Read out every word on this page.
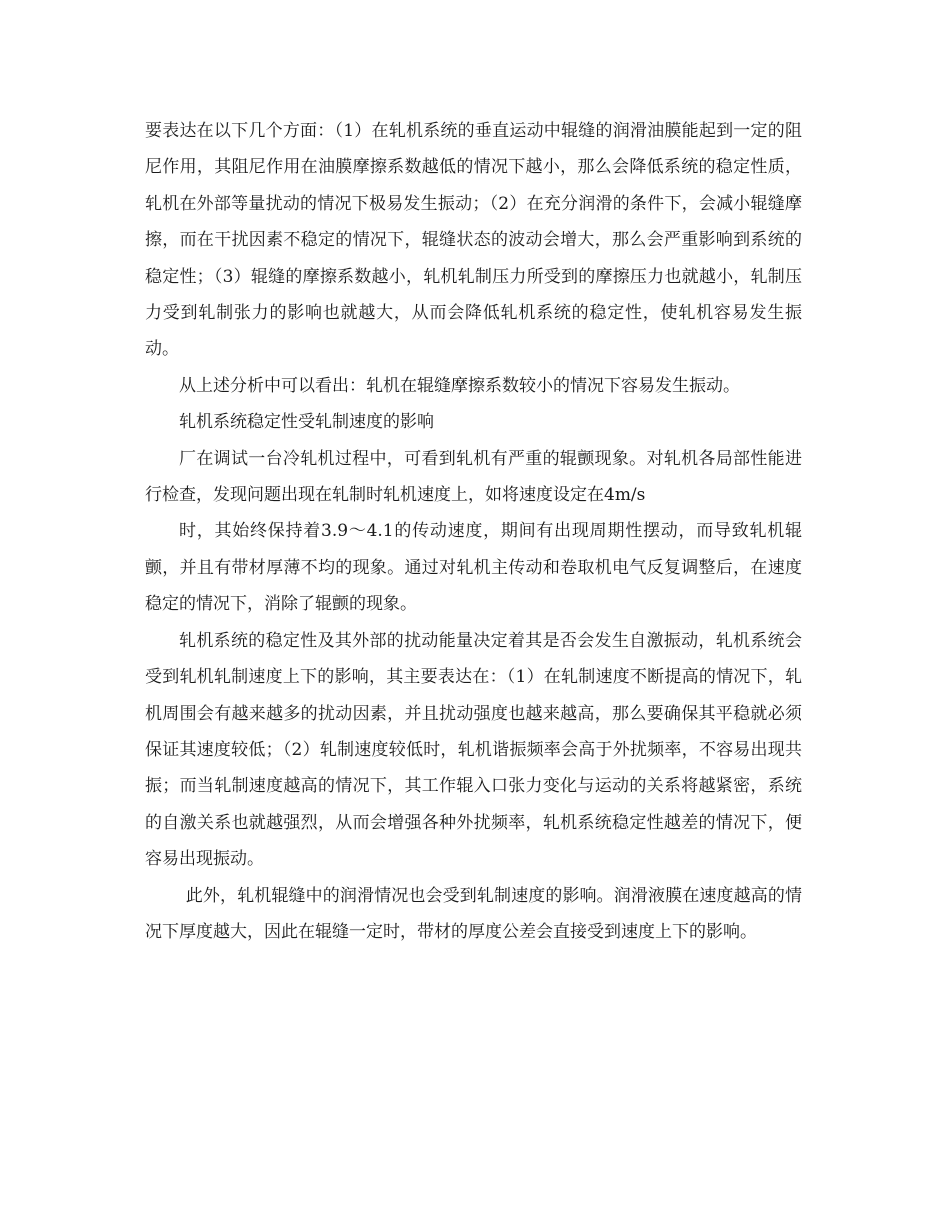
要表达在以下几个方面：（1）在轧机系统的垂直运动中辊缝的润滑油膜能起到一定的阻尼作用，其阻尼作用在油膜摩擦系数越低的情况下越小，那么会降低系统的稳定性质，轧机在外部等量扰动的情况下极易发生振动；（2）在充分润滑的条件下，会减小辊缝摩擦，而在干扰因素不稳定的情况下，辊缝状态的波动会增大，那么会严重影响到系统的稳定性；（3）辊缝的摩擦系数越小，轧机轧制压力所受到的摩擦压力也就越小，轧制压力受到轧制张力的影响也就越大，从而会降低轧机系统的稳定性，使轧机容易发生振动。

从上述分析中可以看出：轧机在辊缝摩擦系数较小的情况下容易发生振动。

轧机系统稳定性受轧制速度的影响

厂在调试一台冷轧机过程中，可看到轧机有严重的辊颤现象。对轧机各局部性能进行检查，发现问题出现在轧制时轧机速度上，如将速度设定在4m/s
时，其始终保持着3.9～4.1的传动速度，期间有出现周期性摆动，而导致轧机辊颤，并且有带材厚薄不均的现象。通过对轧机主传动和卷取机电气反复调整后，在速度稳定的情况下，消除了辊颤的现象。

轧机系统的稳定性及其外部的扰动能量决定着其是否会发生自激振动，轧机系统会受到轧机轧制速度上下的影响，其主要表达在：（1）在轧制速度不断提高的情况下，轧机周围会有越来越多的扰动因素，并且扰动强度也越来越高，那么要确保其平稳就必须保证其速度较低；（2）轧制速度较低时，轧机谐振频率会高于外扰频率，不容易出现共振；而当轧制速度越高的情况下，其工作辊入口张力变化与运动的关系将越紧密，系统的自激关系也就越强烈，从而会增强各种外扰频率，轧机系统稳定性越差的情况下，便容易出现振动。

此外，轧机辊缝中的润滑情况也会受到轧制速度的影响。润滑液膜在速度越高的情况下厚度越大，因此在辊缝一定时，带材的厚度公差会直接受到速度上下的影响。
